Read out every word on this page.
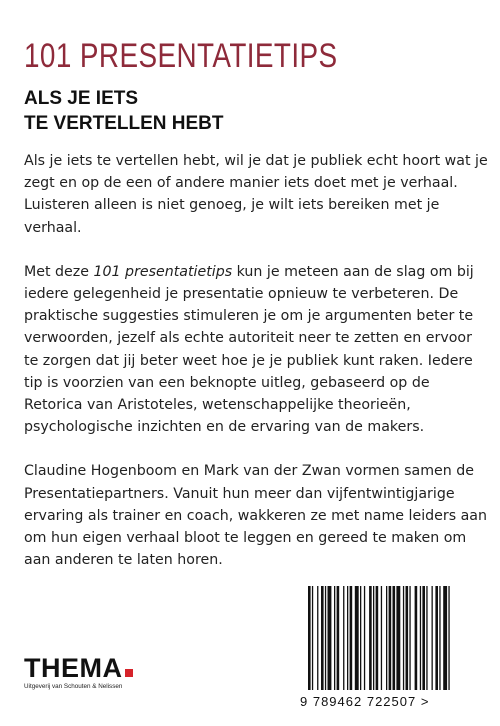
101 PRESENTATIETIPS
ALS JE IETS
TE VERTELLEN HEBT

Als je iets te vertellen hebt, wil je dat je publiek echt hoort wat je zegt en op de een of andere manier iets doet met je verhaal. Luisteren alleen is niet genoeg, je wilt iets bereiken met je verhaal.

Met deze 101 presentatietips kun je meteen aan de slag om bij iedere gelegenheid je presentatie opnieuw te verbeteren. De praktische suggesties stimuleren je om je argumenten beter te verwoorden, jezelf als echte autoriteit neer te zetten en ervoor te zorgen dat jij beter weet hoe je je publiek kunt raken. Iedere tip is voorzien van een beknopte uitleg, gebaseerd op de Retorica van Aristoteles, wetenschappelijke theorieën, psychologische inzichten en de ervaring van de makers.

Claudine Hogenboom en Mark van der Zwan vormen samen de Presentatiepartners. Vanuit hun meer dan vijfentwintigjarige ervaring als trainer en coach, wakkeren ze met name leiders aan om hun eigen verhaal bloot te leggen en gereed te maken om aan anderen te laten horen.

THEMA
Uitgeverij van Schouten & Nelissen
9 789462 722507 >
